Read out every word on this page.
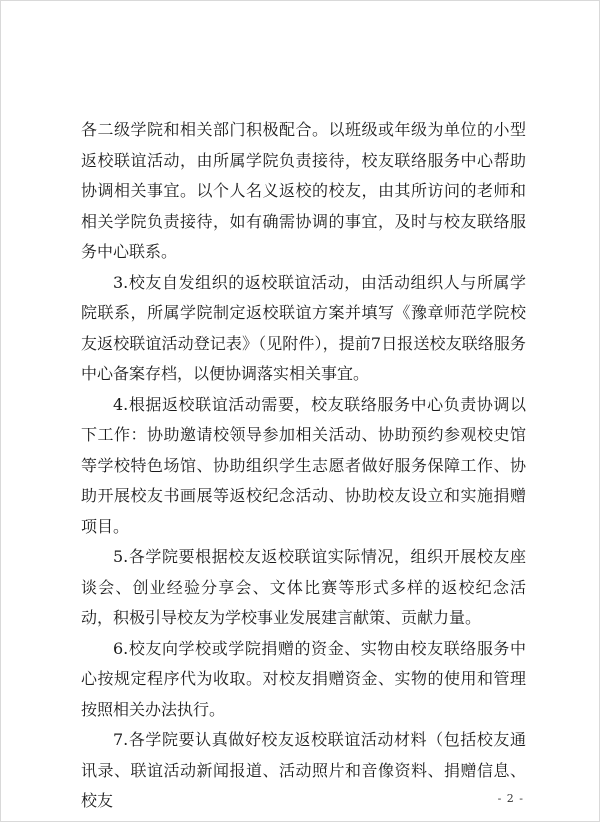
各二级学院和相关部门积极配合。以班级或年级为单位的小型返校联谊活动，由所属学院负责接待，校友联络服务中心帮助协调相关事宜。以个人名义返校的校友，由其所访问的老师和相关学院负责接待，如有确需协调的事宜，及时与校友联络服务中心联系。

3.校友自发组织的返校联谊活动，由活动组织人与所属学院联系，所属学院制定返校联谊方案并填写《豫章师范学院校友返校联谊活动登记表》（见附件），提前7日报送校友联络服务中心备案存档，以便协调落实相关事宜。

4.根据返校联谊活动需要，校友联络服务中心负责协调以下工作：协助邀请校领导参加相关活动、协助预约参观校史馆等学校特色场馆、协助组织学生志愿者做好服务保障工作、协助开展校友书画展等返校纪念活动、协助校友设立和实施捐赠项目。

5.各学院要根据校友返校联谊实际情况，组织开展校友座谈会、创业经验分享会、文体比赛等形式多样的返校纪念活动，积极引导校友为学校事业发展建言献策、贡献力量。

6.校友向学校或学院捐赠的资金、实物由校友联络服务中心按规定程序代为收取。对校友捐赠资金、实物的使用和管理按照相关办法执行。

7.各学院要认真做好校友返校联谊活动材料（包括校友通讯录、联谊活动新闻报道、活动照片和音像资料、捐赠信息、校友	- 2 -
